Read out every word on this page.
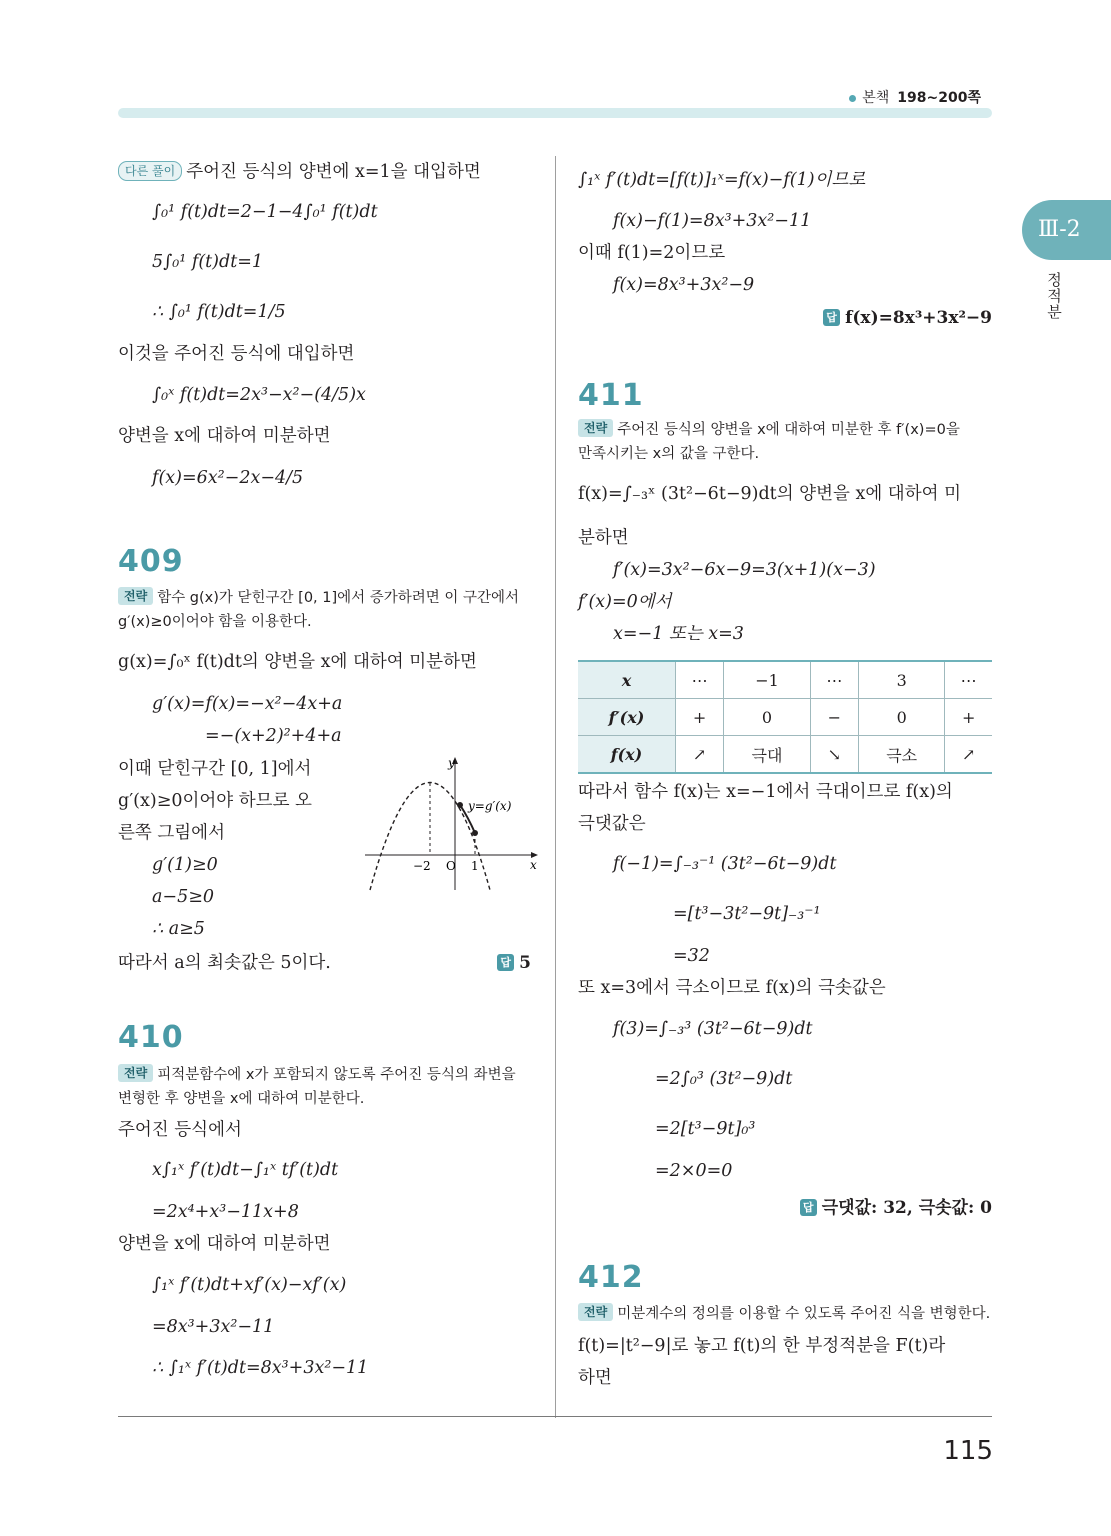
본책 198~200쪽
Ⅲ-2
정적분
다른 풀이 주어진 등식의 양변에 x=1을 대입하면
∫₀¹ f(t)dt=2−1−4∫₀¹ f(t)dt
5∫₀¹ f(t)dt=1
∴ ∫₀¹ f(t)dt=1/5
이것을 주어진 등식에 대입하면
∫₀ˣ f(t)dt=2x³−x²−(4/5)x
양변을 x에 대하여 미분하면
f(x)=6x²−2x−4/5
409
전략 함수 g(x)가 닫힌구간 [0, 1]에서 증가하려면 이 구간에서
g′(x)≥0이어야 함을 이용한다.
g(x)=∫₀ˣ f(t)dt의 양변을 x에 대하여 미분하면
g′(x)=f(x)=−x²−4x+a
=−(x+2)²+4+a
이때 닫힌구간 [0, 1]에서
g′(x)≥0이어야 하므로 오
른쪽 그림에서
g′(1)≥0
a−5≥0
∴ a≥5
따라서 a의 최솟값은 5이다.	답 5
y
x
y=g′(x)
−2 O 1
410
전략 피적분함수에 x가 포함되지 않도록 주어진 등식의 좌변을
변형한 후 양변을 x에 대하여 미분한다.
주어진 등식에서
x∫₁ˣ f′(t)dt−∫₁ˣ tf′(t)dt
=2x⁴+x³−11x+8
양변을 x에 대하여 미분하면
∫₁ˣ f′(t)dt+xf′(x)−xf′(x)
=8x³+3x²−11
∴ ∫₁ˣ f′(t)dt=8x³+3x²−11
∫₁ˣ f′(t)dt=[f(t)]₁ˣ=f(x)−f(1)이므로
f(x)−f(1)=8x³+3x²−11
이때 f(1)=2이므로
f(x)=8x³+3x²−9
답 f(x)=8x³+3x²−9
411
전략 주어진 등식의 양변을 x에 대하여 미분한 후 f′(x)=0을
만족시키는 x의 값을 구한다.
f(x)=∫₋₃ˣ (3t²−6t−9)dt의 양변을 x에 대하여 미
분하면
f′(x)=3x²−6x−9=3(x+1)(x−3)
f′(x)=0에서
x=−1 또는 x=3
x	⋯	−1	⋯	3	⋯
f′(x)	+	0	−	0	+
f(x)	↗	극대	↘	극소	↗
따라서 함수 f(x)는 x=−1에서 극대이므로 f(x)의
극댓값은
f(−1)=∫₋₃⁻¹ (3t²−6t−9)dt
=[t³−3t²−9t]₋₃⁻¹
=32
또 x=3에서 극소이므로 f(x)의 극솟값은
f(3)=∫₋₃³ (3t²−6t−9)dt
=2∫₀³ (3t²−9)dt
=2[t³−9t]₀³
=2×0=0
답 극댓값: 32, 극솟값: 0
412
전략 미분계수의 정의를 이용할 수 있도록 주어진 식을 변형한다.
f(t)=|t²−9|로 놓고 f(t)의 한 부정적분을 F(t)라
하면
115
